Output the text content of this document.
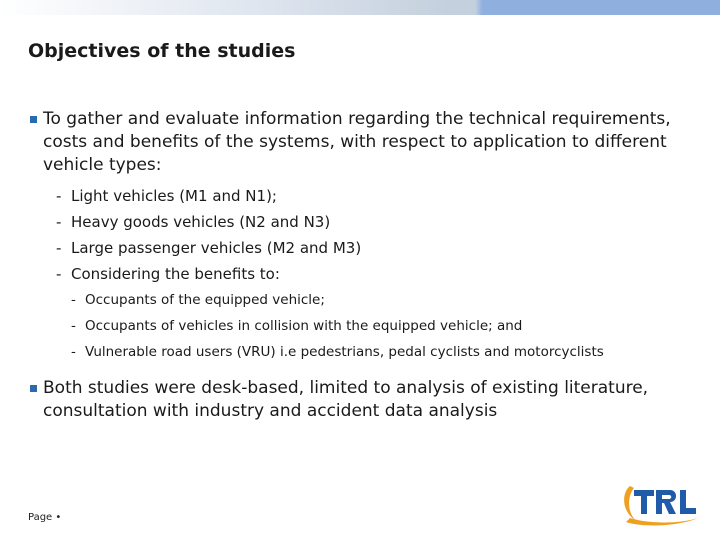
Objectives of the studies
To gather and evaluate information regarding the technical requirements, costs and benefits of the systems, with respect to application to different vehicle types:
- Light vehicles (M1 and N1);
- Heavy goods vehicles (N2 and N3)
- Large passenger vehicles (M2 and M3)
- Considering the benefits to:
- Occupants of the equipped vehicle;
- Occupants of vehicles in collision with the equipped vehicle; and
- Vulnerable road users (VRU) i.e pedestrians, pedal cyclists and motorcyclists
Both studies were desk-based, limited to analysis of existing literature, consultation with industry and accident data analysis
Page •
